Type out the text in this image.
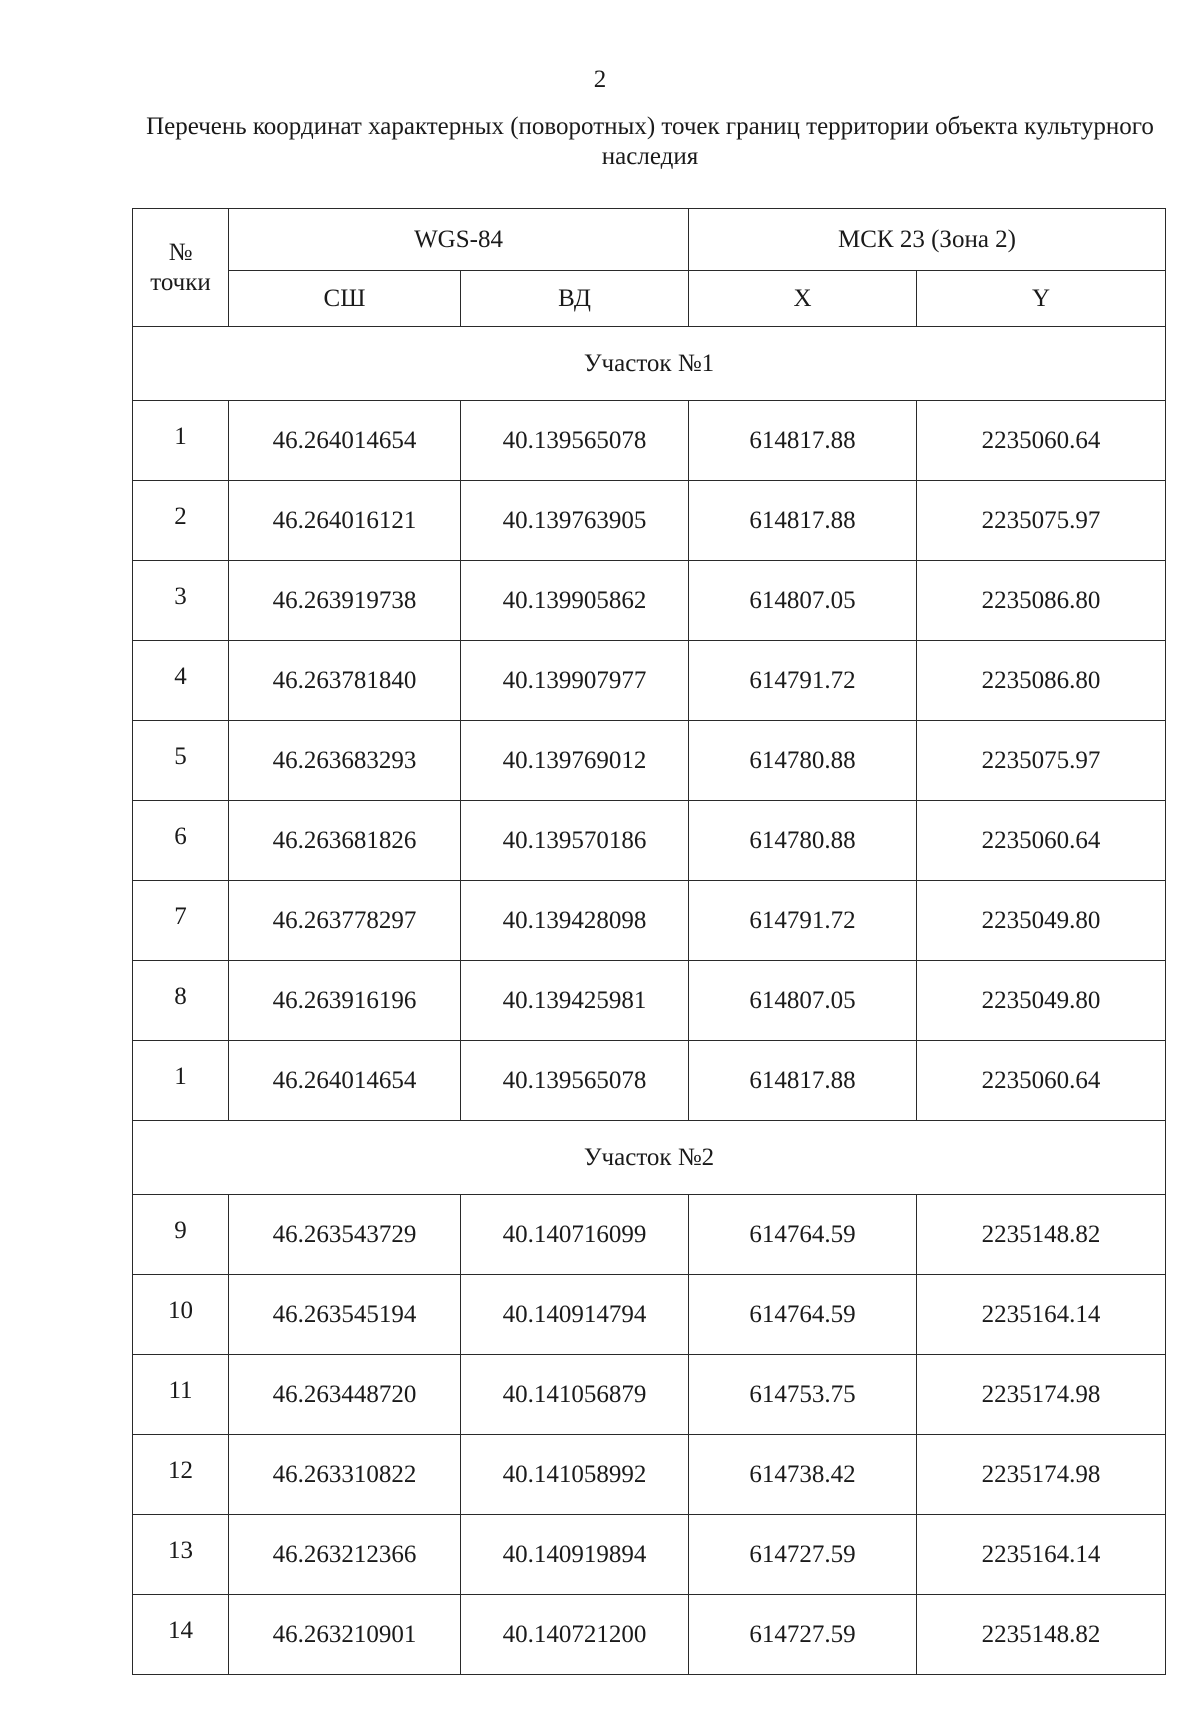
2
Перечень координат характерных (поворотных) точек границ территории объекта культурного наследия
№
точки	WGS-84		МСК 23 (Зона 2)	
	СШ	ВД	X	Y
Участок №1				
1	46.264014654	40.139565078	614817.88	2235060.64
2	46.264016121	40.139763905	614817.88	2235075.97
3	46.263919738	40.139905862	614807.05	2235086.80
4	46.263781840	40.139907977	614791.72	2235086.80
5	46.263683293	40.139769012	614780.88	2235075.97
6	46.263681826	40.139570186	614780.88	2235060.64
7	46.263778297	40.139428098	614791.72	2235049.80
8	46.263916196	40.139425981	614807.05	2235049.80
1	46.264014654	40.139565078	614817.88	2235060.64
Участок №2				
9	46.263543729	40.140716099	614764.59	2235148.82
10	46.263545194	40.140914794	614764.59	2235164.14
11	46.263448720	40.141056879	614753.75	2235174.98
12	46.263310822	40.141058992	614738.42	2235174.98
13	46.263212366	40.140919894	614727.59	2235164.14
14	46.263210901	40.140721200	614727.59	2235148.82
